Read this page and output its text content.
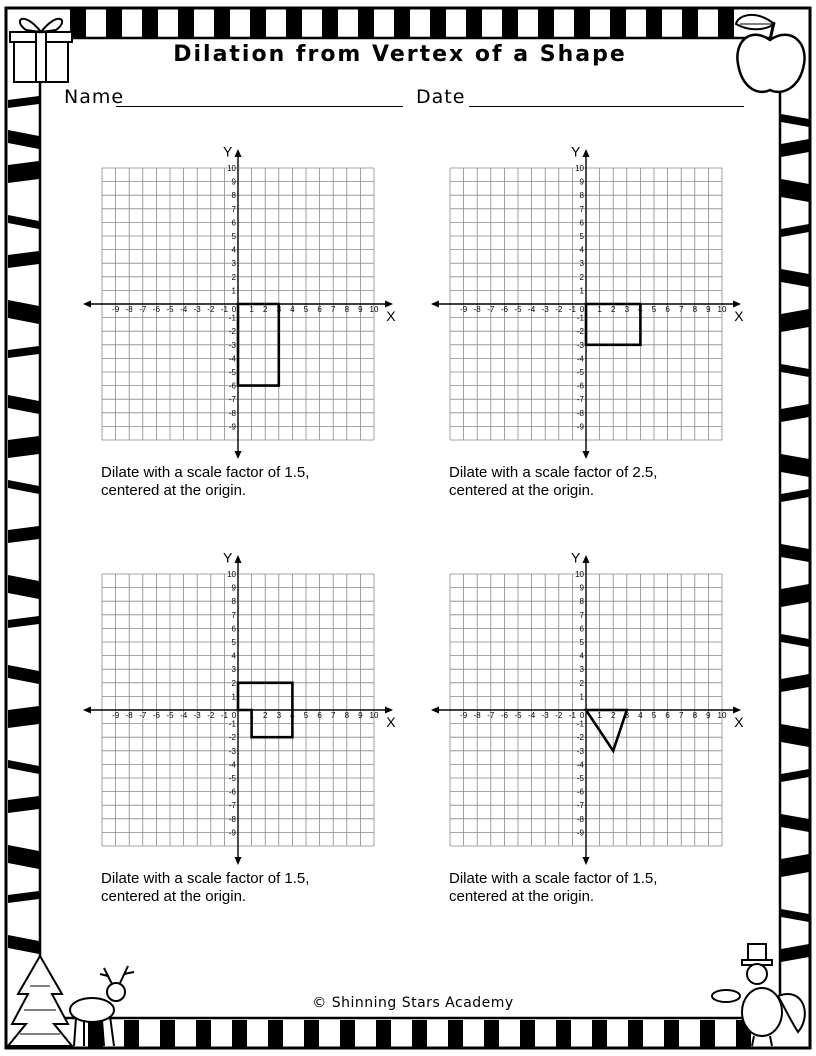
Dilation from Vertex of a Shape
Name	Date
-9 -8 -7 -6 -5 -4 -3 -2 -1 0 1 2 3 4 5 6 7 8 9 10
10
9
8
7
6
5
4
3
2
1
-1
-2
-3
-4
-5
-6
-7
-8
-9
X
Y
-9 -8 -7 -6 -5 -4 -3 -2 -1 0 1 2 3 4 5 6 7 8 9 10
10
9
8
7
6
5
4
3
2
1
-1
-2
-3
-4
-5
-6
-7
-8
-9
X
Y
-9 -8 -7 -6 -5 -4 -3 -2 -1 0 1 2 3 4 5 6 7 8 9 10
10
9
8
7
6
5
4
3
2
1
-1
-2
-3
-4
-5
-6
-7
-8
-9
X
Y
-9 -8 -7 -6 -5 -4 -3 -2 -1 0 1 2 3 4 5 6 7 8 9 10
10
9
8
7
6
5
4
3
2
1
-1
-2
-3
-4
-5
-6
-7
-8
-9
X
Y
Dilate with a scale factor of 1.5,
centered at the origin.
Dilate with a scale factor of 2.5,
centered at the origin.
Dilate with a scale factor of 1.5,
centered at the origin.
Dilate with a scale factor of 1.5,
centered at the origin.
© Shinning Stars Academy
